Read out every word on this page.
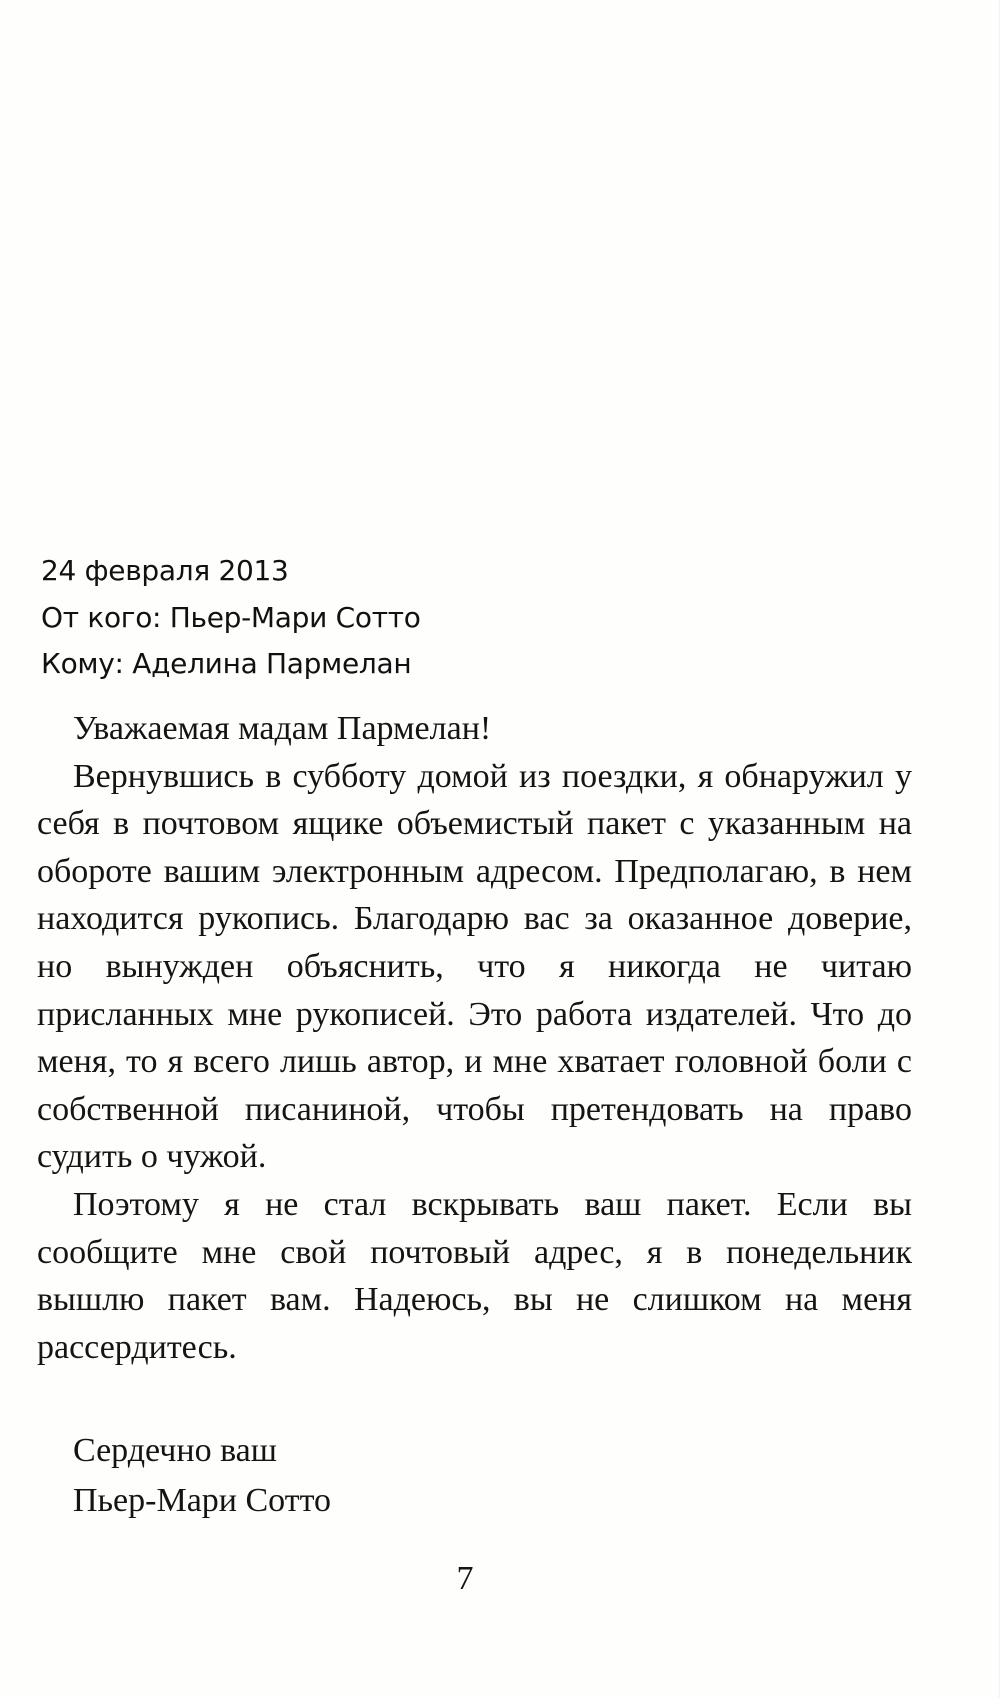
24 февраля 2013
От кого: Пьер-Мари Сотто
Кому: Аделина Пармелан

Уважаемая мадам Пармелан!

Вернувшись в субботу домой из поездки, я обнаружил у себя в почтовом ящике объемистый пакет с указанным на обороте вашим электронным адресом. Предполагаю, в нем находится рукопись. Благодарю вас за оказанное доверие, но вынужден объяснить, что я никогда не читаю присланных мне рукописей. Это работа издателей. Что до меня, то я всего лишь автор, и мне хватает головной боли с собственной писаниной, чтобы претендовать на право судить о чужой.

Поэтому я не стал вскрывать ваш пакет. Если вы сообщите мне свой почтовый адрес, я в понедельник вышлю пакет вам. Надеюсь, вы не слишком на меня рассердитесь.

Сердечно ваш
Пьер-Мари Сотто
7
